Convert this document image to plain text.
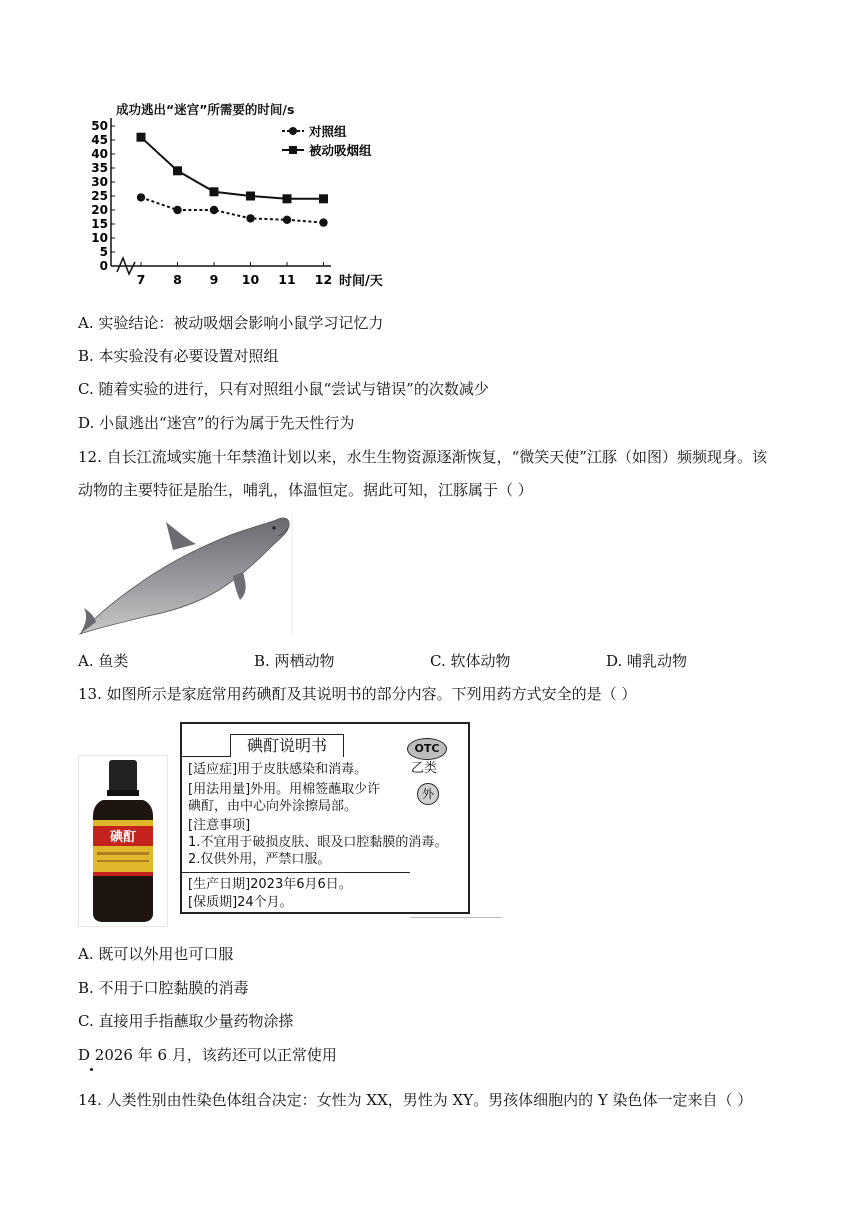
成功逃出“迷宫”所需要的时间/s
0
5
10
15
20
25
30
35
40
45
50
7 8 9 10 11 12
对照组
被动吸烟组
时间/天
A. 实验结论：被动吸烟会影响小鼠学习记忆力
B. 本实验没有必要设置对照组
C. 随着实验的进行，只有对照组小鼠“尝试与错误”的次数减少
D. 小鼠逃出“迷宫”的行为属于先天性行为
12. 自长江流域实施十年禁渔计划以来，水生生物资源逐渐恢复，“微笑天使”江豚（如图）频频现身。该
动物的主要特征是胎生，哺乳，体温恒定。据此可知，江豚属于（ ）
A. 鱼类	B. 两栖动物	C. 软体动物	D. 哺乳动物
13. 如图所示是家庭常用药碘酊及其说明书的部分内容。下列用药方式安全的是（ ）
碘酊
碘酊说明书	OTC
乙类
外
[适应症]用于皮肤感染和消毒。
[用法用量]外用。用棉签蘸取少许
碘酊，由中心向外涂擦局部。
[注意事项]
1.不宜用于破损皮肤、眼及口腔黏膜的消毒。
2.仅供外用，严禁口服。
[生产日期]2023年6月6日。
[保质期]24个月。
A. 既可以外用也可口服
B. 不用于口腔黏膜的消毒
C. 直接用手指蘸取少量药物涂搽
D 2026 年 6 月，该药还可以正常使用
14. 人类性别由性染色体组合决定：女性为 XX，男性为 XY。男孩体细胞内的 Y 染色体一定来自（ ）
